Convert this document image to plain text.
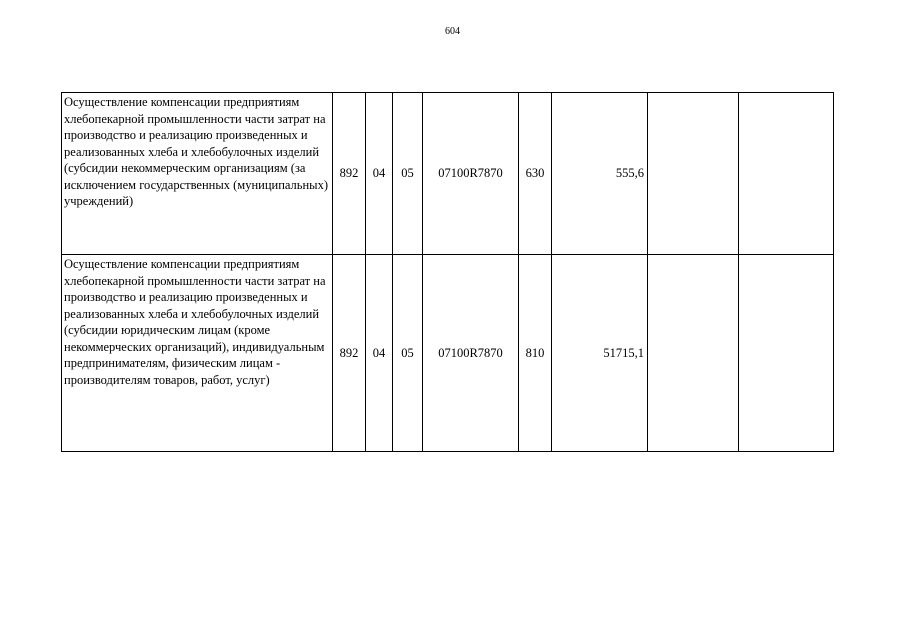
604
Осуществление компенсации предприятиям хлебопекарной промышленности части затрат на производство и реализацию произведенных и реализованных хлеба и хлебобулочных изделий (субсидии некоммерческим организациям (за исключением государственных (муниципальных) учреждений)	892	04	05	07100R7870	630	555,6		
Осуществление компенсации предприятиям хлебопекарной промышленности части затрат на производство и реализацию произведенных и реализованных хлеба и хлебобулочных изделий (субсидии юридическим лицам (кроме некоммерческих организаций), индивидуальным предпринимателям, физическим лицам - производителям товаров, работ, услуг)	892	04	05	07100R7870	810	51715,1		
